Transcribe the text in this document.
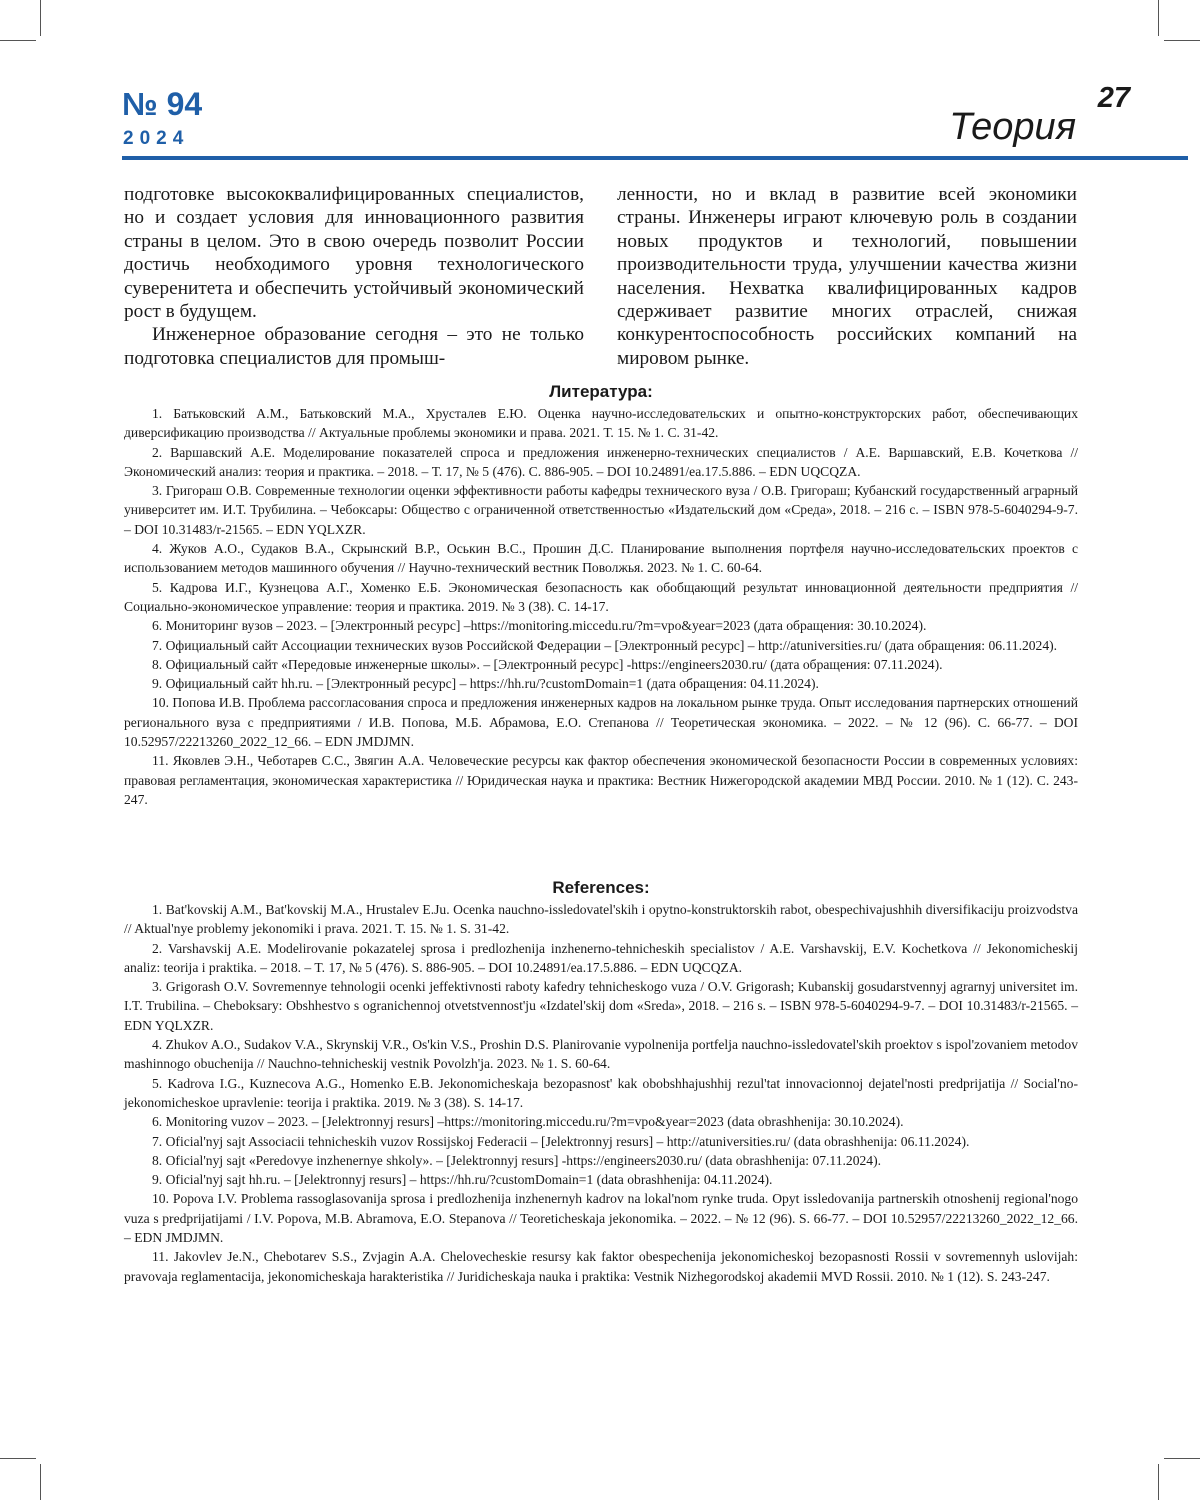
№ 94
2024
27
Теория

подготовке высококвалифицированных специалистов, но и создает условия для инновационного развития страны в целом. Это в свою очередь позволит России достичь необходимого уровня технологического суверенитета и обеспечить устойчивый экономический рост в будущем.

Инженерное образование сегодня – это не только подготовка специалистов для промыш-

ленности, но и вклад в развитие всей экономики страны. Инженеры играют ключевую роль в создании новых продуктов и технологий, повышении производительности труда, улучшении качества жизни населения. Нехватка квалифицированных кадров сдерживает развитие многих отраслей, снижая конкурентоспособность российских компаний на мировом рынке.

Литература:
1. Батьковский А.М., Батьковский М.А., Хрусталев Е.Ю. Оценка научно-исследовательских и опытно-конструкторских работ, обеспечивающих диверсификацию производства // Актуальные проблемы экономики и права. 2021. Т. 15. № 1. С. 31-42.
2. Варшавский А.Е. Моделирование показателей спроса и предложения инженерно-технических специалистов / А.Е. Варшавский, Е.В. Кочеткова // Экономический анализ: теория и практика. – 2018. – Т. 17, № 5 (476). С. 886-905. – DOI 10.24891/ea.17.5.886. – EDN UQCQZA.
3. Григораш О.В. Современные технологии оценки эффективности работы кафедры технического вуза / О.В. Григораш; Кубанский государственный аграрный университет им. И.Т. Трубилина. – Чебоксары: Общество с ограниченной ответственностью «Издательский дом «Среда», 2018. – 216 с. – ISBN 978-5-6040294-9-7. – DOI 10.31483/r-21565. – EDN YQLXZR.
4. Жуков А.О., Судаков В.А., Скрынский В.Р., Оськин В.С., Прошин Д.С. Планирование выполнения портфеля научно-исследовательских проектов с использованием методов машинного обучения // Научно-технический вестник Поволжья. 2023. № 1. С. 60-64.
5. Кадрова И.Г., Кузнецова А.Г., Хоменко Е.Б. Экономическая безопасность как обобщающий результат инновационной деятельности предприятия // Социально-экономическое управление: теория и практика. 2019. № 3 (38). С. 14-17.
6. Мониторинг вузов – 2023. – [Электронный ресурс] –https://monitoring.miccedu.ru/?m=vpo&year=2023 (дата обращения: 30.10.2024).
7. Официальный сайт Ассоциации технических вузов Российской Федерации – [Электронный ресурс] – http://atuniversities.ru/ (дата обращения: 06.11.2024).
8. Официальный сайт «Передовые инженерные школы». – [Электронный ресурс] -https://engineers2030.ru/ (дата обращения: 07.11.2024).
9. Официальный сайт hh.ru. – [Электронный ресурс] – https://hh.ru/?customDomain=1 (дата обращения: 04.11.2024).
10. Попова И.В. Проблема рассогласования спроса и предложения инженерных кадров на локальном рынке труда. Опыт исследования партнерских отношений регионального вуза с предприятиями / И.В. Попова, М.Б. Абрамова, Е.О. Степанова // Теоретическая экономика. – 2022. – № 12 (96). С. 66-77. – DOI 10.52957/22213260_2022_12_66. – EDN JMDJMN.
11. Яковлев Э.Н., Чеботарев С.С., Звягин А.А. Человеческие ресурсы как фактор обеспечения экономической безопасности России в современных условиях: правовая регламентация, экономическая характеристика // Юридическая наука и практика: Вестник Нижегородской академии МВД России. 2010. № 1 (12). С. 243-247.
References:
1. Bat'kovskij A.M., Bat'kovskij M.A., Hrustalev E.Ju. Ocenka nauchno-issledovatel'skih i opytno-konstruktorskih rabot, obespechivajushhih diversifikaciju proizvodstva // Aktual'nye problemy jekonomiki i prava. 2021. T. 15. № 1. S. 31-42.
2. Varshavskij A.E. Modelirovanie pokazatelej sprosa i predlozhenija inzhenerno-tehnicheskih specialistov / A.E. Varshavskij, E.V. Kochetkova // Jekonomicheskij analiz: teorija i praktika. – 2018. – T. 17, № 5 (476). S. 886-905. – DOI 10.24891/ea.17.5.886. – EDN UQCQZA.
3. Grigorash O.V. Sovremennye tehnologii ocenki jeffektivnosti raboty kafedry tehnicheskogo vuza / O.V. Grigorash; Kubanskij gosudarstvennyj agrarnyj universitet im. I.T. Trubilina. – Cheboksary: Obshhestvo s ogranichennoj otvetstvennost'ju «Izdatel'skij dom «Sreda», 2018. – 216 s. – ISBN 978-5-6040294-9-7. – DOI 10.31483/r-21565. – EDN YQLXZR.
4. Zhukov A.O., Sudakov V.A., Skrynskij V.R., Os'kin V.S., Proshin D.S. Planirovanie vypolnenija portfelja nauchno-issledovatel'skih proektov s ispol'zovaniem metodov mashinnogo obuchenija // Nauchno-tehnicheskij vestnik Povolzh'ja. 2023. № 1. S. 60-64.
5. Kadrova I.G., Kuznecova A.G., Homenko E.B. Jekonomicheskaja bezopasnost' kak obobshhajushhij rezul'tat innovacionnoj dejatel'nosti predprijatija // Social'no-jekonomicheskoe upravlenie: teorija i praktika. 2019. № 3 (38). S. 14-17.
6. Monitoring vuzov – 2023. – [Jelektronnyj resurs] –https://monitoring.miccedu.ru/?m=vpo&year=2023 (data obrashhenija: 30.10.2024).
7. Oficial'nyj sajt Associacii tehnicheskih vuzov Rossijskoj Federacii – [Jelektronnyj resurs] – http://atuniversities.ru/ (data obrashhenija: 06.11.2024).
8. Oficial'nyj sajt «Peredovye inzhenernye shkoly». – [Jelektronnyj resurs] -https://engineers2030.ru/ (data obrashhenija: 07.11.2024).
9. Oficial'nyj sajt hh.ru. – [Jelektronnyj resurs] – https://hh.ru/?customDomain=1 (data obrashhenija: 04.11.2024).
10. Popova I.V. Problema rassoglasovanija sprosa i predlozhenija inzhenernyh kadrov na lokal'nom rynke truda. Opyt issledovanija partnerskih otnoshenij regional'nogo vuza s predprijatijami / I.V. Popova, M.B. Abramova, E.O. Stepanova // Teoreticheskaja jekonomika. – 2022. – № 12 (96). S. 66-77. – DOI 10.52957/22213260_2022_12_66. – EDN JMDJMN.
11. Jakovlev Je.N., Chebotarev S.S., Zvjagin A.A. Chelovecheskie resursy kak faktor obespechenija jekonomicheskoj bezopasnosti Rossii v sovremennyh uslovijah: pravovaja reglamentacija, jekonomicheskaja harakteristika // Juridicheskaja nauka i praktika: Vestnik Nizhegorodskoj akademii MVD Rossii. 2010. № 1 (12). S. 243-247.
